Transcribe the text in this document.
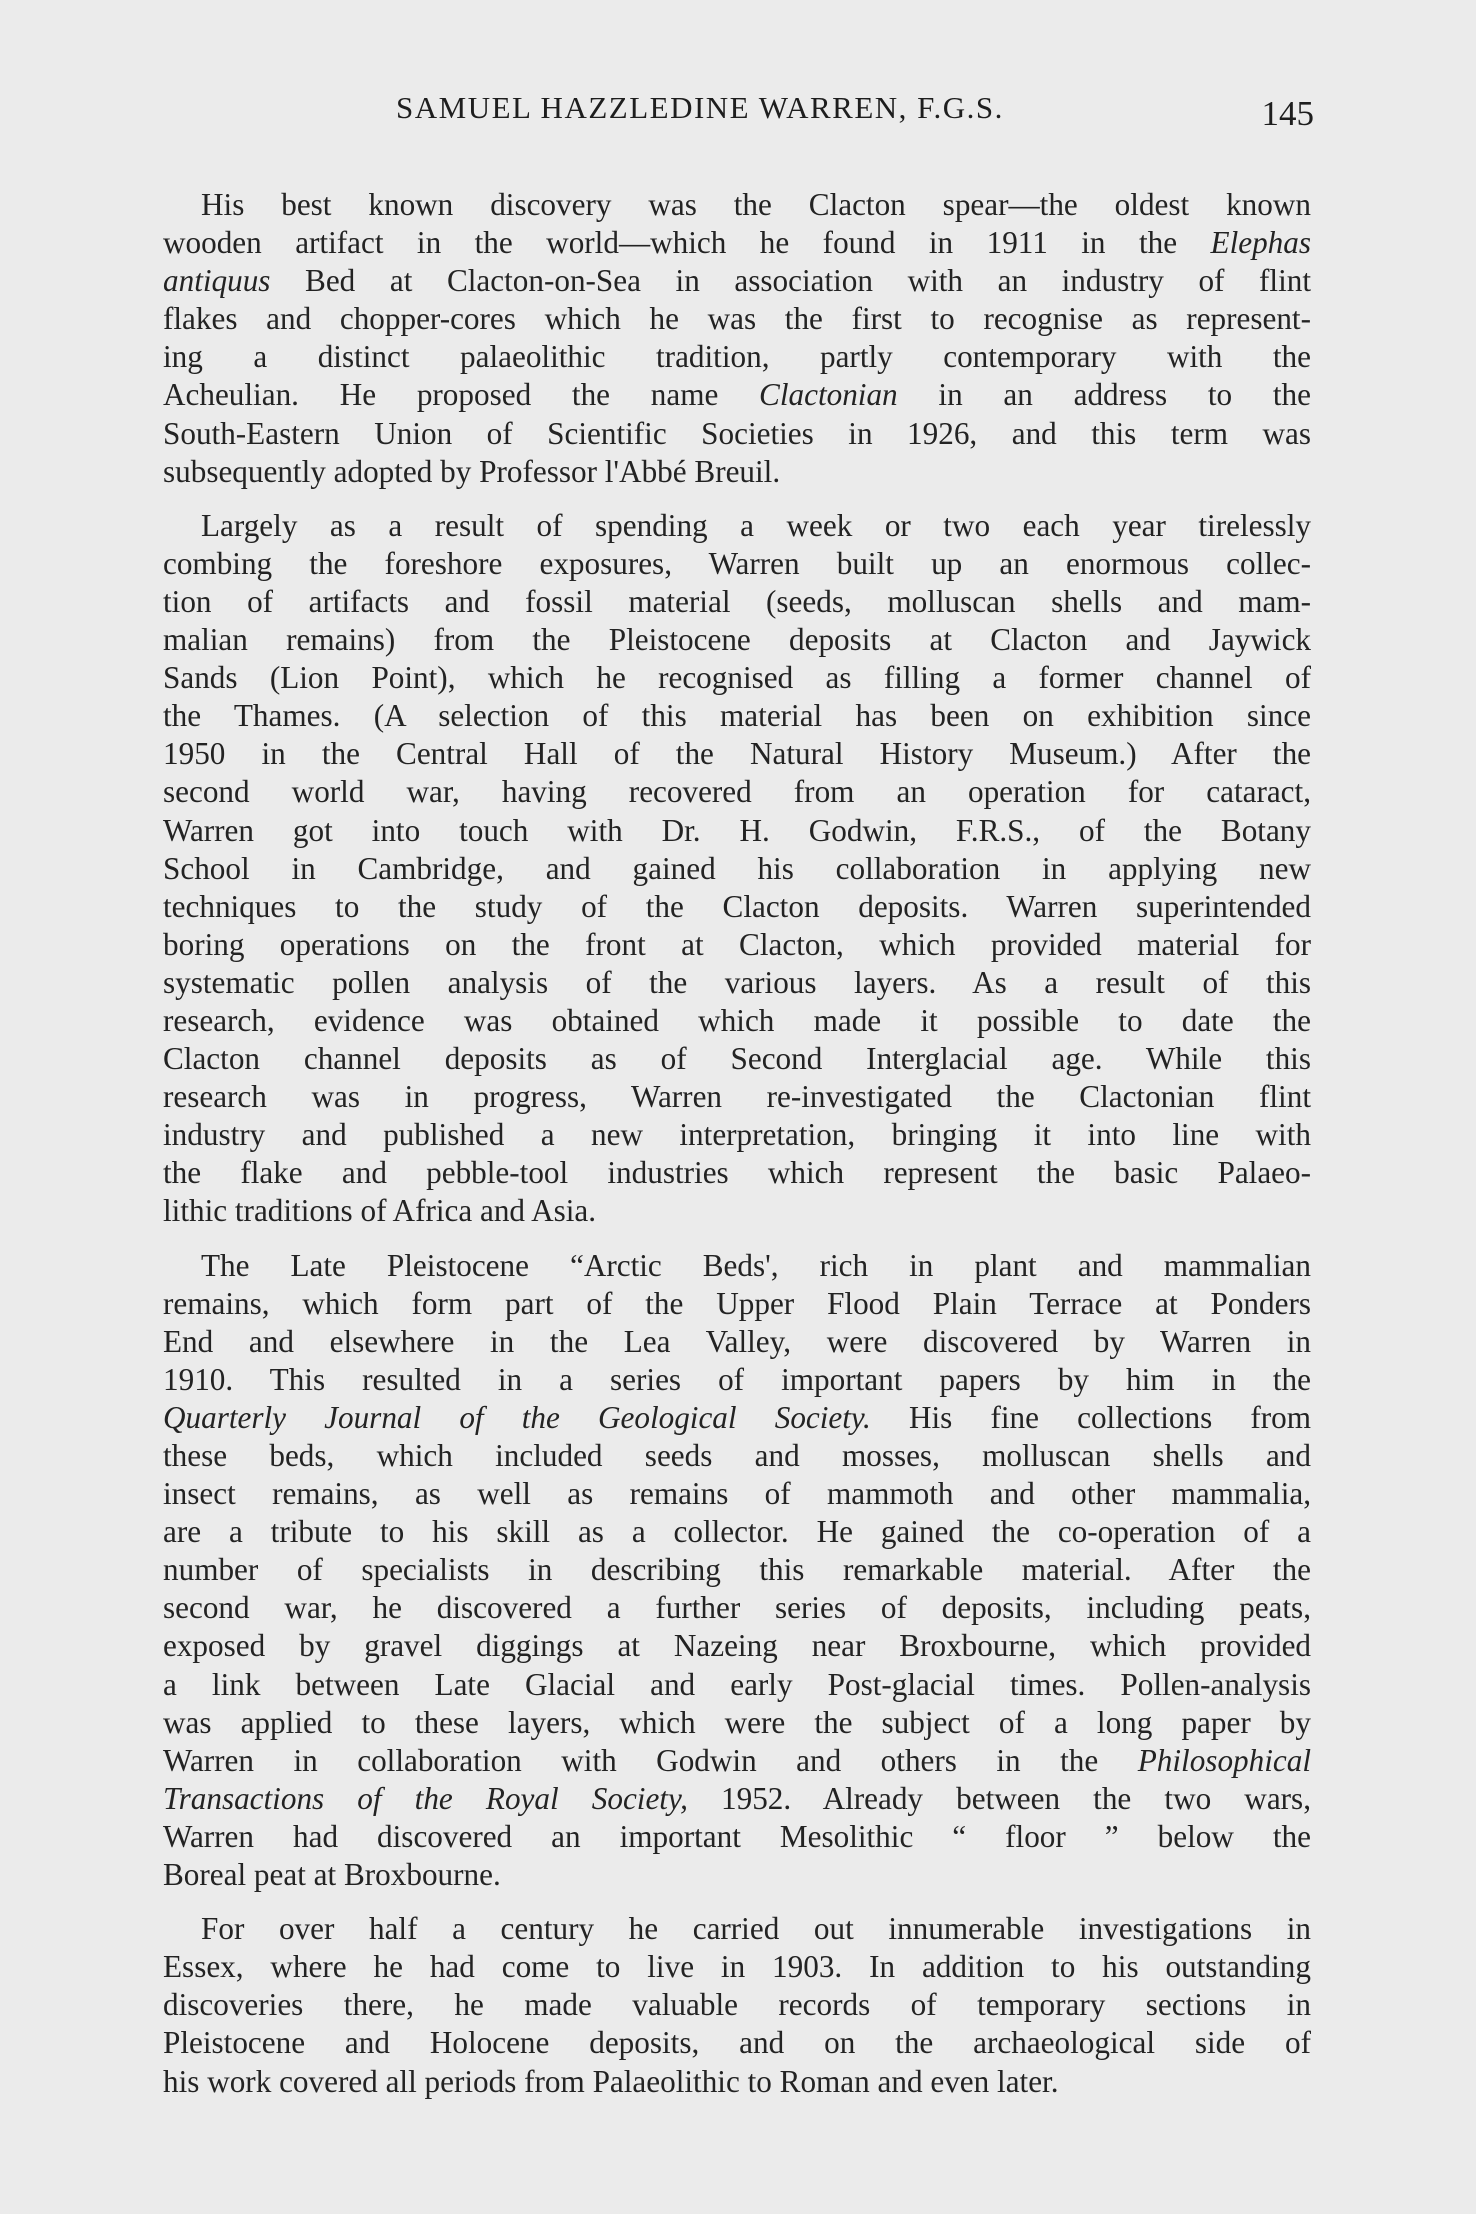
SAMUEL HAZZLEDINE WARREN, F.G.S.	145
His best known discovery was the Clacton spear—the oldest known
wooden artifact in the world—which he found in 1911 in the Elephas
antiquus Bed at Clacton-on-Sea in association with an industry of flint
flakes and chopper-cores which he was the first to recognise as represent-
ing a distinct palaeolithic tradition, partly contemporary with the
Acheulian. He proposed the name Clactonian in an address to the
South-Eastern Union of Scientific Societies in 1926, and this term was
subsequently adopted by Professor l'Abbé Breuil.
Largely as a result of spending a week or two each year tirelessly
combing the foreshore exposures, Warren built up an enormous collec-
tion of artifacts and fossil material (seeds, molluscan shells and mam-
malian remains) from the Pleistocene deposits at Clacton and Jaywick
Sands (Lion Point), which he recognised as filling a former channel of
the Thames. (A selection of this material has been on exhibition since
1950 in the Central Hall of the Natural History Museum.) After the
second world war, having recovered from an operation for cataract,
Warren got into touch with Dr. H. Godwin, F.R.S., of the Botany
School in Cambridge, and gained his collaboration in applying new
techniques to the study of the Clacton deposits. Warren superintended
boring operations on the front at Clacton, which provided material for
systematic pollen analysis of the various layers. As a result of this
research, evidence was obtained which made it possible to date the
Clacton channel deposits as of Second Interglacial age. While this
research was in progress, Warren re-investigated the Clactonian flint
industry and published a new interpretation, bringing it into line with
the flake and pebble-tool industries which represent the basic Palaeo-
lithic traditions of Africa and Asia.
The Late Pleistocene “Arctic Beds', rich in plant and mammalian
remains, which form part of the Upper Flood Plain Terrace at Ponders
End and elsewhere in the Lea Valley, were discovered by Warren in
1910. This resulted in a series of important papers by him in the
Quarterly Journal of the Geological Society. His fine collections from
these beds, which included seeds and mosses, molluscan shells and
insect remains, as well as remains of mammoth and other mammalia,
are a tribute to his skill as a collector. He gained the co-operation of a
number of specialists in describing this remarkable material. After the
second war, he discovered a further series of deposits, including peats,
exposed by gravel diggings at Nazeing near Broxbourne, which provided
a link between Late Glacial and early Post-glacial times. Pollen-analysis
was applied to these layers, which were the subject of a long paper by
Warren in collaboration with Godwin and others in the Philosophical
Transactions of the Royal Society, 1952. Already between the two wars,
Warren had discovered an important Mesolithic “ floor ” below the
Boreal peat at Broxbourne.
For over half a century he carried out innumerable investigations in
Essex, where he had come to live in 1903. In addition to his outstanding
discoveries there, he made valuable records of temporary sections in
Pleistocene and Holocene deposits, and on the archaeological side of
his work covered all periods from Palaeolithic to Roman and even later.
